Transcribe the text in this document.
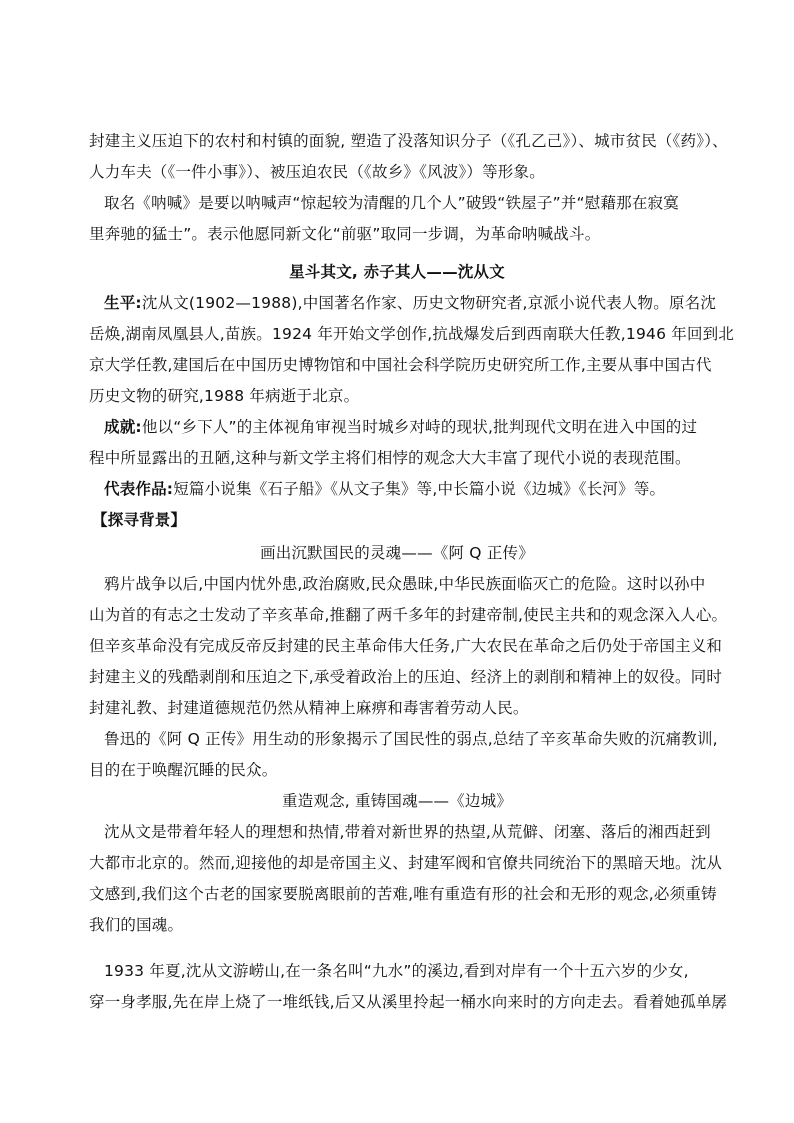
封建主义压迫下的农村和村镇的面貌, 塑造了没落知识分子（《孔乙己》）、城市贫民（《药》）、
人力车夫（《一件小事》）、被压迫农民（《故乡》《风波》）等形象。
取名《呐喊》是要以呐喊声“惊起较为清醒的几个人”破毁“铁屋子”并“慰藉那在寂寞
里奔驰的猛士”。表示他愿同新文化“前驱”取同一步调，为革命呐喊战斗。
星斗其文, 赤子其人——沈从文
生平:沈从文(1902—1988),中国著名作家、历史文物研究者,京派小说代表人物。原名沈
岳焕,湖南凤凰县人,苗族。1924 年开始文学创作,抗战爆发后到西南联大任教,1946 年回到北
京大学任教,建国后在中国历史博物馆和中国社会科学院历史研究所工作,主要从事中国古代
历史文物的研究,1988 年病逝于北京。
成就:他以“乡下人”的主体视角审视当时城乡对峙的现状,批判现代文明在进入中国的过
程中所显露出的丑陋,这种与新文学主将们相悖的观念大大丰富了现代小说的表现范围。
代表作品:短篇小说集《石子船》《从文子集》等,中长篇小说《边城》《长河》等。
【探寻背景】
画出沉默国民的灵魂——《阿 Q 正传》
鸦片战争以后,中国内忧外患,政治腐败,民众愚昧,中华民族面临灭亡的危险。这时以孙中
山为首的有志之士发动了辛亥革命,推翻了两千多年的封建帝制,使民主共和的观念深入人心。
但辛亥革命没有完成反帝反封建的民主革命伟大任务,广大农民在革命之后仍处于帝国主义和
封建主义的残酷剥削和压迫之下,承受着政治上的压迫、经济上的剥削和精神上的奴役。同时
封建礼教、封建道德规范仍然从精神上麻痹和毒害着劳动人民。
鲁迅的《阿 Q 正传》用生动的形象揭示了国民性的弱点,总结了辛亥革命失败的沉痛教训,
目的在于唤醒沉睡的民众。
重造观念, 重铸国魂——《边城》
沈从文是带着年轻人的理想和热情,带着对新世界的热望,从荒僻、闭塞、落后的湘西赶到
大都市北京的。然而,迎接他的却是帝国主义、封建军阀和官僚共同统治下的黑暗天地。沈从
文感到,我们这个古老的国家要脱离眼前的苦难,唯有重造有形的社会和无形的观念,必须重铸
我们的国魂。
1933 年夏,沈从文游崂山,在一条名叫“九水”的溪边,看到对岸有一个十五六岁的少女,
穿一身孝服,先在岸上烧了一堆纸钱,后又从溪里拎起一桶水向来时的方向走去。看着她孤单孱
